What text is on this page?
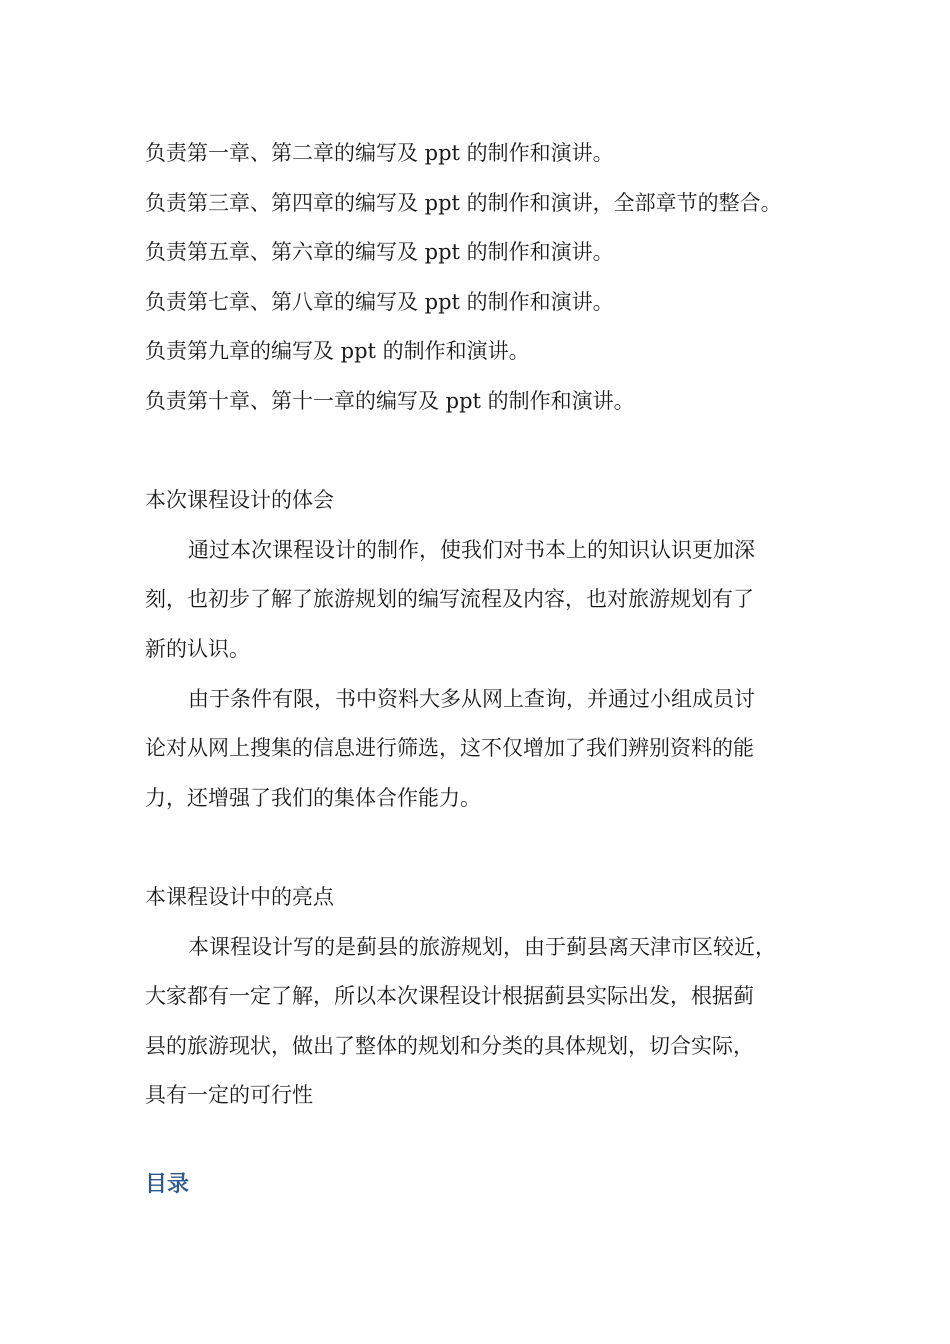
负责第一章、第二章的编写及 ppt 的制作和演讲。
负责第三章、第四章的编写及 ppt 的制作和演讲，全部章节的整合。
负责第五章、第六章的编写及 ppt 的制作和演讲。
负责第七章、第八章的编写及 ppt 的制作和演讲。
负责第九章的编写及 ppt 的制作和演讲。
负责第十章、第十一章的编写及 ppt 的制作和演讲。
本次课程设计的体会
通过本次课程设计的制作，使我们对书本上的知识认识更加深
刻，也初步了解了旅游规划的编写流程及内容，也对旅游规划有了
新的认识。
由于条件有限，书中资料大多从网上查询，并通过小组成员讨
论对从网上搜集的信息进行筛选，这不仅增加了我们辨别资料的能
力，还增强了我们的集体合作能力。
本课程设计中的亮点
本课程设计写的是蓟县的旅游规划，由于蓟县离天津市区较近，
大家都有一定了解，所以本次课程设计根据蓟县实际出发，根据蓟
县的旅游现状，做出了整体的规划和分类的具体规划，切合实际，
具有一定的可行性
目录
